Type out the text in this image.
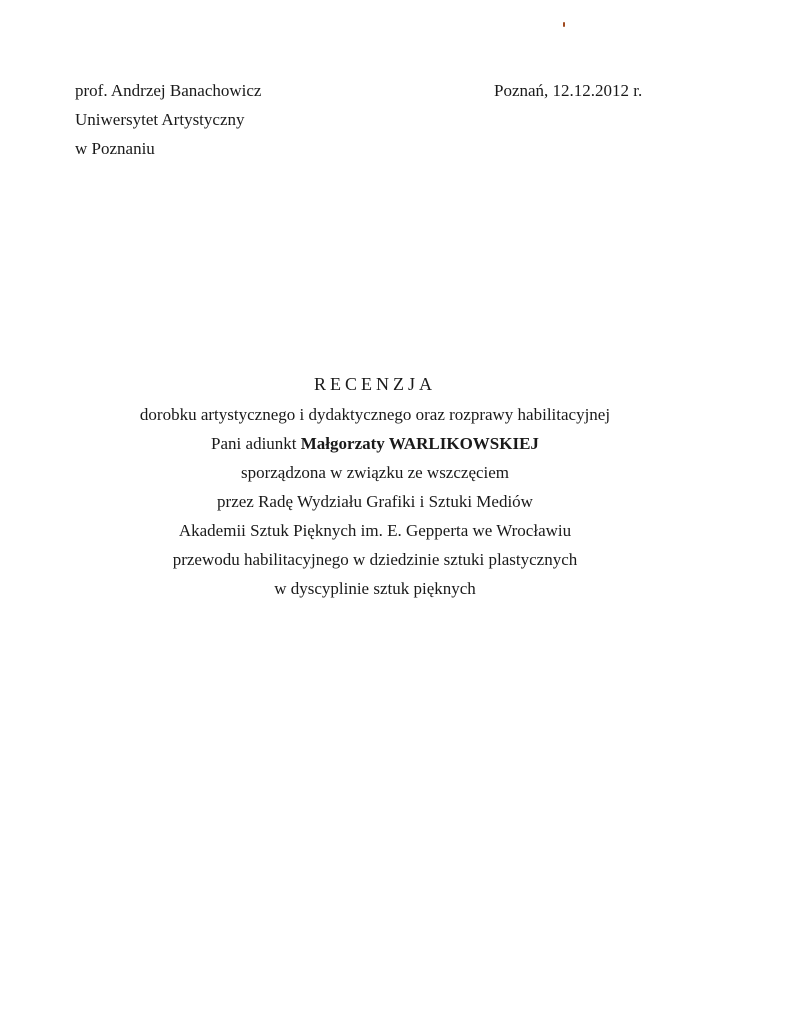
prof. Andrzej Banachowicz
Uniwersytet Artystyczny
w Poznaniu
Poznań, 12.12.2012 r.
RECENZJA
dorobku artystycznego i dydaktycznego oraz rozprawy habilitacyjnej
Pani adiunkt Małgorzaty WARLIKOWSKIEJ
sporządzona w związku ze wszczęciem
przez Radę Wydziału Grafiki i Sztuki Mediów
Akademii Sztuk Pięknych im. E. Gepperta we Wrocławiu
przewodu habilitacyjnego w dziedzinie sztuki plastycznych
w dyscyplinie sztuk pięknych
